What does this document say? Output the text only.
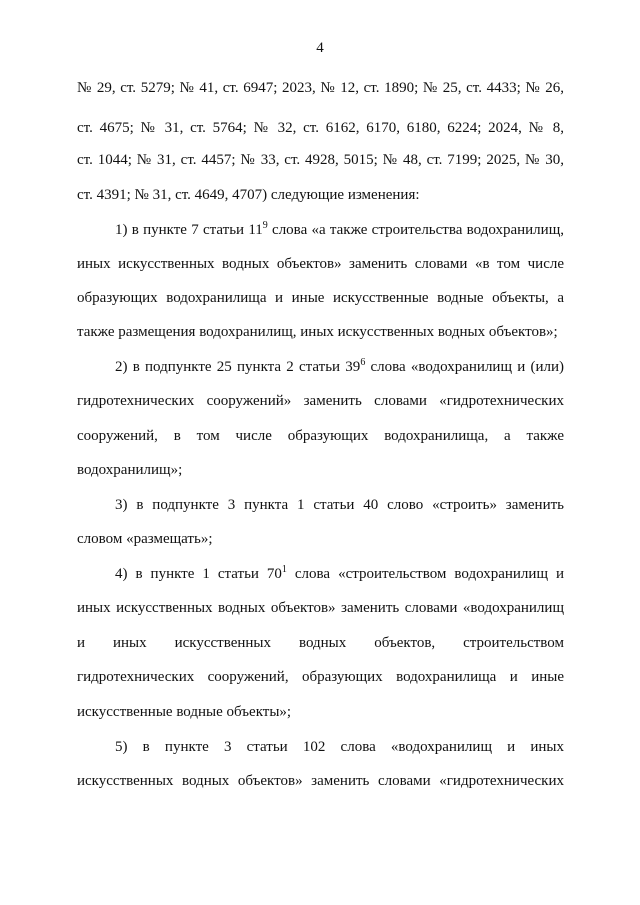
4
№ 29, ст. 5279; № 41, ст. 6947; 2023, № 12, ст. 1890; № 25, ст. 4433; № 26,
ст. 4675; № 31, ст. 5764; № 32, ст. 6162, 6170, 6180, 6224; 2024, № 8,
ст. 1044; № 31, ст. 4457; № 33, ст. 4928, 5015; № 48, ст. 7199; 2025, № 30,
ст. 4391; № 31, ст. 4649, 4707) следующие изменения:
1) в пункте 7 статьи $11^9$ слова «а также строительства водохранилищ,
иных искусственных водных объектов» заменить словами «в том числе
образующих водохранилища и иные искусственные водные объекты, а
также размещения водохранилищ, иных искусственных водных объектов»;
2) в подпункте 25 пункта 2 статьи $39^6$ слова «водохранилищ и (или)
гидротехнических сооружений» заменить словами «гидротехнических
сооружений, в том числе образующих водохранилища, а также
водохранилищ»;
3) в подпункте 3 пункта 1 статьи 40 слово «строить» заменить
словом «размещать»;
4) в пункте 1 статьи $70^1$ слова «строительством водохранилищ и
иных искусственных водных объектов» заменить словами «водохранилищ
и иных искусственных водных объектов, строительством
гидротехнических сооружений, образующих водохранилища и иные
искусственные водные объекты»;
5) в пункте 3 статьи 102 слова «водохранилищ и иных
искусственных водных объектов» заменить словами «гидротехнических
